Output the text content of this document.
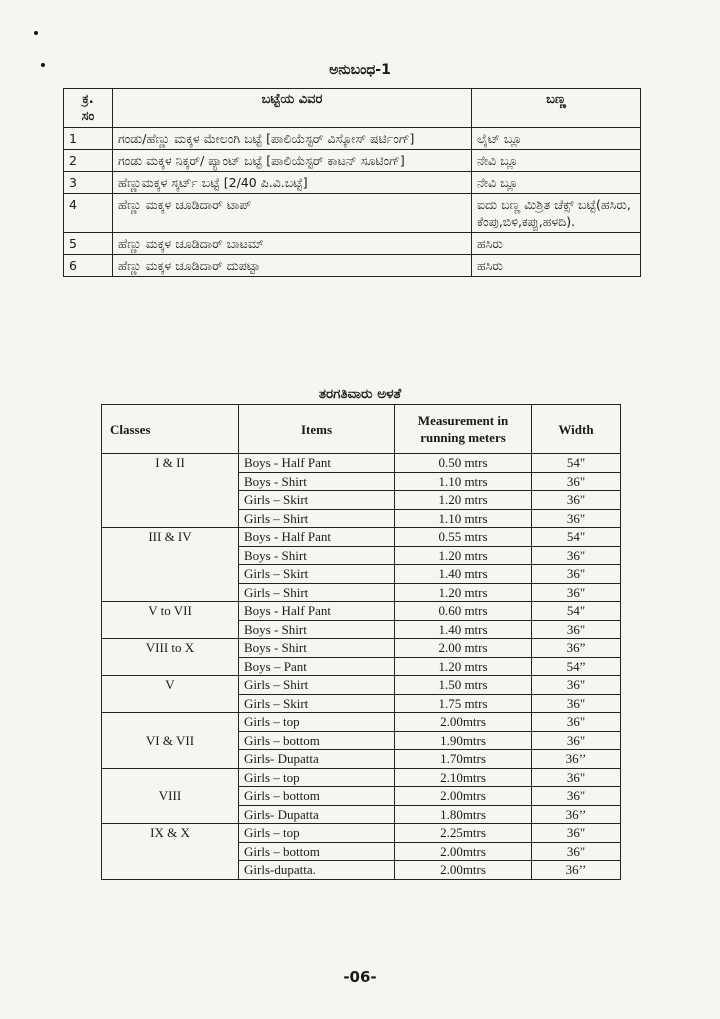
ಅನುಬಂಧ-1
ಕ್ರ.
ಸಂ	ಬಟ್ಟೆಯ ವಿವರ	ಬಣ್ಣ
1	ಗಂಡು/ಹೆಣ್ಣು ಮಕ್ಕಳ ಮೇಲಂಗಿ ಬಟ್ಟೆ [ಪಾಲಿಯೆಸ್ಟರ್ ವಿಸ್ಕೋಸ್ ಷರ್ಟಿಂಗ್]	ಲೈಟ್ ಬ್ಲೂ
2	ಗಂಡು ಮಕ್ಕಳ ನಿಕ್ಕರ್/ ಪ್ಯಾಂಟ್ ಬಟ್ಟೆ [ಪಾಲಿಯೆಸ್ಟರ್ ಕಾಟನ್ ಸೂಟಿಂಗ್]	ನೇವಿ ಬ್ಲೂ
3	ಹೆಣ್ಣುಮಕ್ಕಳ ಸ್ಕರ್ಟ್ ಬಟ್ಟೆ [2/40 ಪಿ.ವಿ.ಬಟ್ಟೆ]	ನೇವಿ ಬ್ಲೂ
4	ಹೆಣ್ಣು ಮಕ್ಕಳ ಚೂಡಿದಾರ್ ಟಾಪ್	ಐದು ಬಣ್ಣ ಮಿಶ್ರಿತ ಚೆಕ್ಸ್ ಬಟ್ಟೆ(ಹಸಿರು, ಕೆಂಪು,ಬಿಳಿ,ಕಪ್ಪು,ಹಳದಿ).
5	ಹೆಣ್ಣು ಮಕ್ಕಳ ಚೂಡಿದಾರ್ ಬಾಟಮ್	ಹಸಿರು
6	ಹೆಣ್ಣು ಮಕ್ಕಳ ಚೂಡಿದಾರ್ ದುಪಟ್ಟಾ	ಹಸಿರು
ತರಗತಿವಾರು ಅಳತೆ
Classes	Items	Measurement in running meters	Width
I & II	Boys - Half Pant	0.50 mtrs	54"
	Boys - Shirt	1.10 mtrs	36"
	Girls – Skirt	1.20 mtrs	36"
	Girls – Shirt	1.10 mtrs	36"
III & IV	Boys - Half Pant	0.55 mtrs	54"
	Boys - Shirt	1.20 mtrs	36"
	Girls – Skirt	1.40 mtrs	36"
	Girls – Shirt	1.20 mtrs	36"
V to VII	Boys - Half Pant	0.60 mtrs	54"
	Boys - Shirt	1.40 mtrs	36"
VIII to X	Boys - Shirt	2.00 mtrs	36”
	Boys – Pant	1.20 mtrs	54”
V	Girls – Shirt	1.50 mtrs	36"
	Girls – Skirt	1.75 mtrs	36"
VI & VII	Girls – top	2.00mtrs	36"
	Girls – bottom	1.90mtrs	36"
	Girls- Dupatta	1.70mtrs	36’’
VIII	Girls – top	2.10mtrs	36"
	Girls – bottom	2.00mtrs	36"
	Girls- Dupatta	1.80mtrs	36’’
IX & X	Girls – top	2.25mtrs	36"
	Girls – bottom	2.00mtrs	36"
	Girls-dupatta.	2.00mtrs	36’’
-06-
